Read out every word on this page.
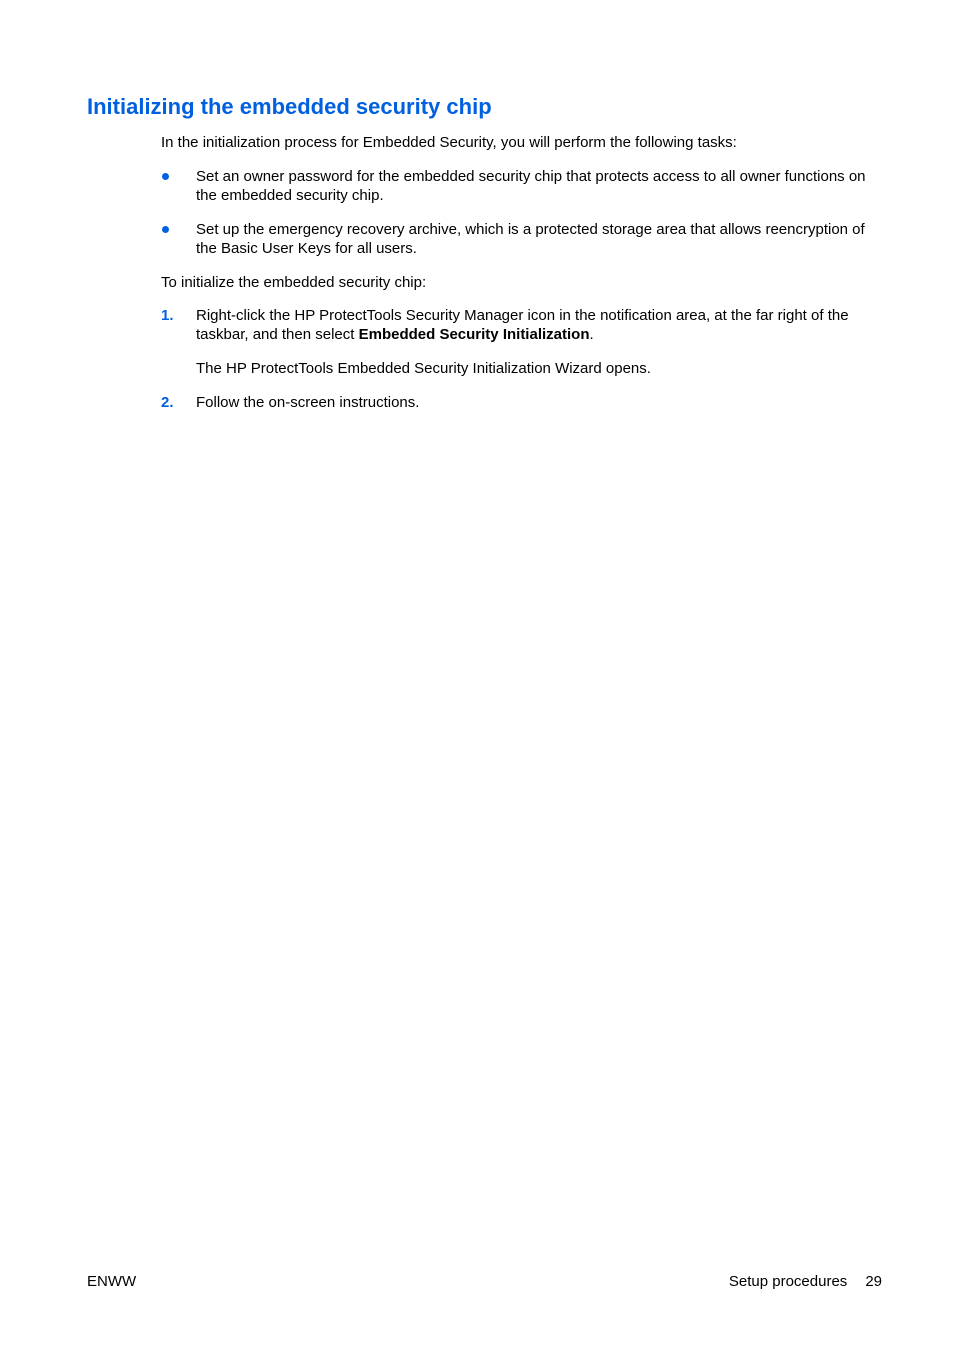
Initializing the embedded security chip

In the initialization process for Embedded Security, you will perform the following tasks:

Set an owner password for the embedded security chip that protects access to all owner functions on the embedded security chip.

Set up the emergency recovery archive, which is a protected storage area that allows reencryption of the Basic User Keys for all users.

To initialize the embedded security chip:

1. Right-click the HP ProtectTools Security Manager icon in the notification area, at the far right of the taskbar, and then select Embedded Security Initialization.

The HP ProtectTools Embedded Security Initialization Wizard opens.

2. Follow the on-screen instructions.

ENWW	Setup procedures 29
